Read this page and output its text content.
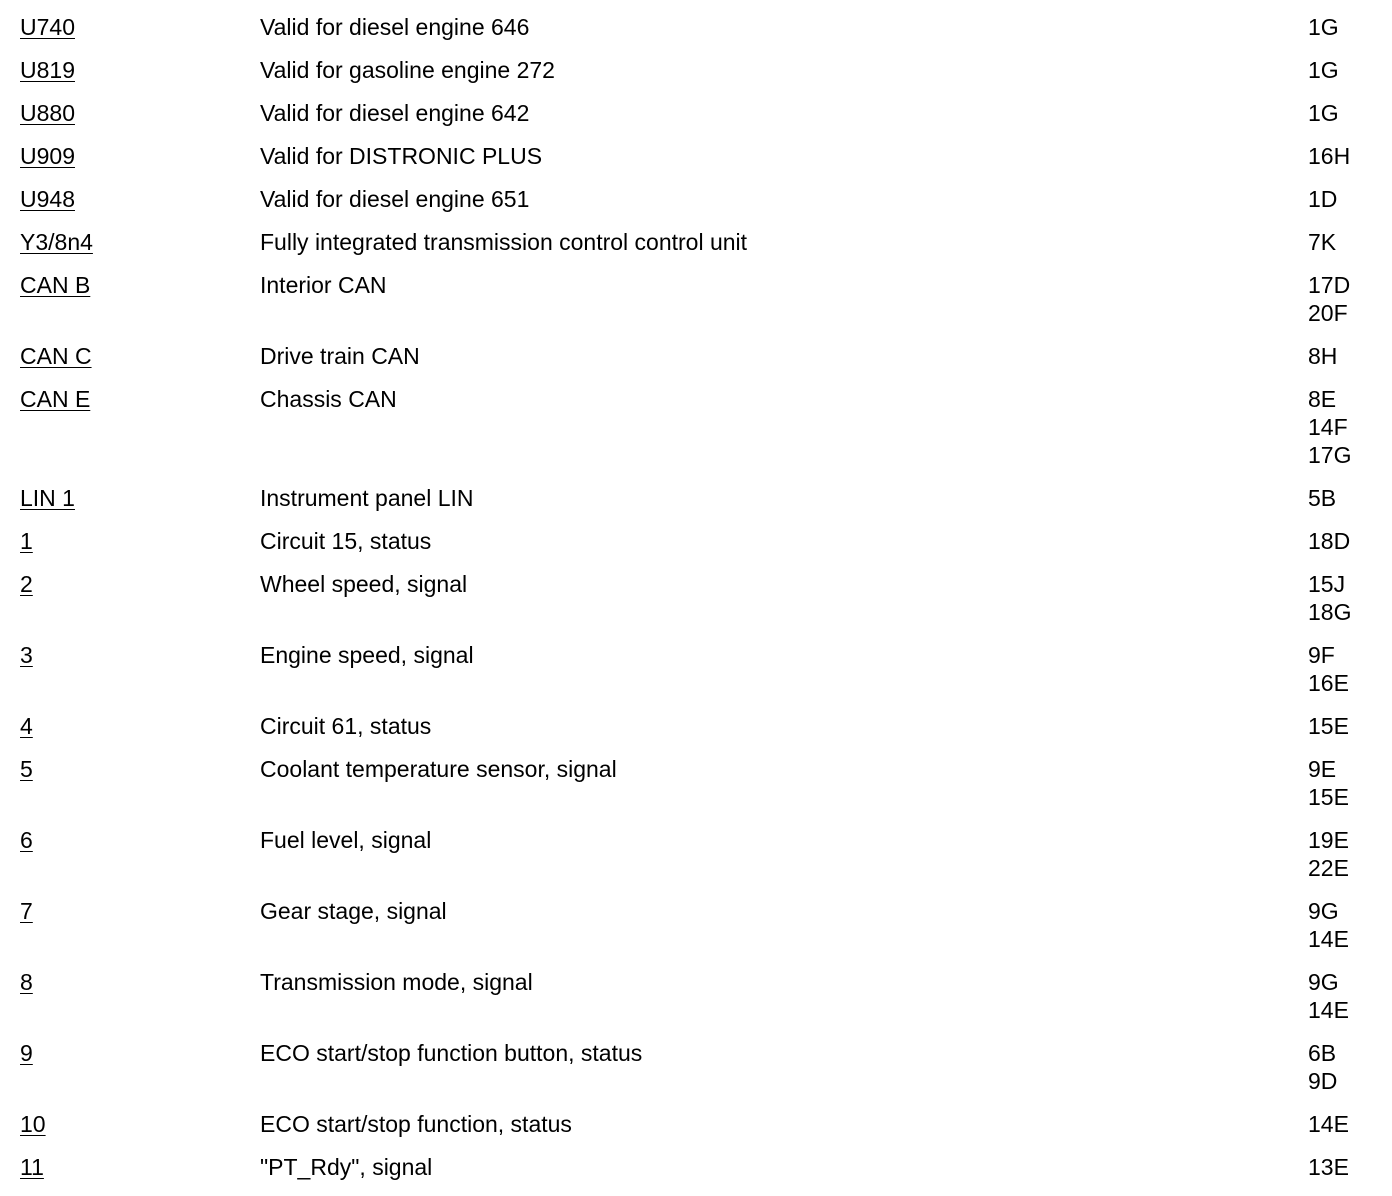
U740	Valid for diesel engine 646	1G
U819	Valid for gasoline engine 272	1G
U880	Valid for diesel engine 642	1G
U909	Valid for DISTRONIC PLUS	16H
U948	Valid for diesel engine 651	1D
Y3/8n4	Fully integrated transmission control control unit	7K
CAN B	Interior CAN	17D
20F
CAN C	Drive train CAN	8H
CAN E	Chassis CAN	8E
14F
17G
LIN 1	Instrument panel LIN	5B
1	Circuit 15, status	18D
2	Wheel speed, signal	15J
18G
3	Engine speed, signal	9F
16E
4	Circuit 61, status	15E
5	Coolant temperature sensor, signal	9E
15E
6	Fuel level, signal	19E
22E
7	Gear stage, signal	9G
14E
8	Transmission mode, signal	9G
14E
9	ECO start/stop function button, status	6B
9D
10	ECO start/stop function, status	14E
11	"PT_Rdy", signal	13E
